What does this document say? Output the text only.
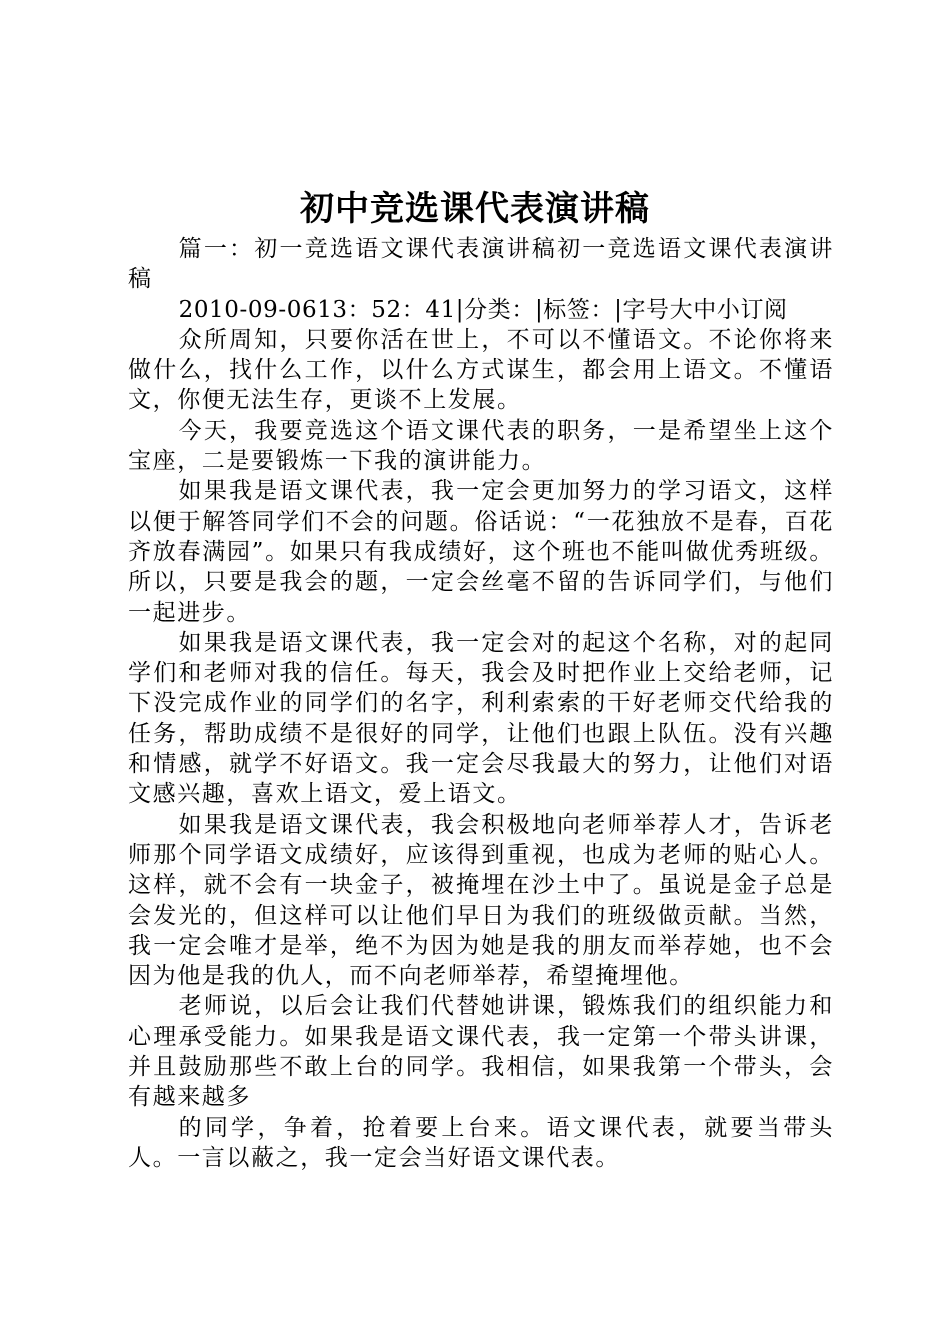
初中竞选课代表演讲稿

篇一：初一竞选语文课代表演讲稿初一竞选语文课代表演讲稿

2010-09-0613：52：41|分类：|标签：|字号大中小订阅

众所周知，只要你活在世上，不可以不懂语文。不论你将来做什么，找什么工作，以什么方式谋生，都会用上语文。不懂语文，你便无法生存，更谈不上发展。

今天，我要竞选这个语文课代表的职务，一是希望坐上这个宝座，二是要锻炼一下我的演讲能力。

如果我是语文课代表，我一定会更加努力的学习语文，这样以便于解答同学们不会的问题。俗话说：“一花独放不是春，百花齐放春满园”。如果只有我成绩好，这个班也不能叫做优秀班级。所以，只要是我会的题，一定会丝毫不留的告诉同学们，与他们一起进步。

如果我是语文课代表，我一定会对的起这个名称，对的起同学们和老师对我的信任。每天，我会及时把作业上交给老师，记下没完成作业的同学们的名字，利利索索的干好老师交代给我的任务，帮助成绩不是很好的同学，让他们也跟上队伍。没有兴趣和情感，就学不好语文。我一定会尽我最大的努力，让他们对语文感兴趣，喜欢上语文，爱上语文。

如果我是语文课代表，我会积极地向老师举荐人才，告诉老师那个同学语文成绩好，应该得到重视，也成为老师的贴心人。这样，就不会有一块金子，被掩埋在沙土中了。虽说是金子总是会发光的，但这样可以让他们早日为我们的班级做贡献。当然，我一定会唯才是举，绝不为因为她是我的朋友而举荐她，也不会因为他是我的仇人，而不向老师举荐，希望掩埋他。

老师说，以后会让我们代替她讲课，锻炼我们的组织能力和心理承受能力。如果我是语文课代表，我一定第一个带头讲课，并且鼓励那些不敢上台的同学。我相信，如果我第一个带头，会有越来越多

的同学，争着，抢着要上台来。语文课代表，就要当带头人。一言以蔽之，我一定会当好语文课代表。
